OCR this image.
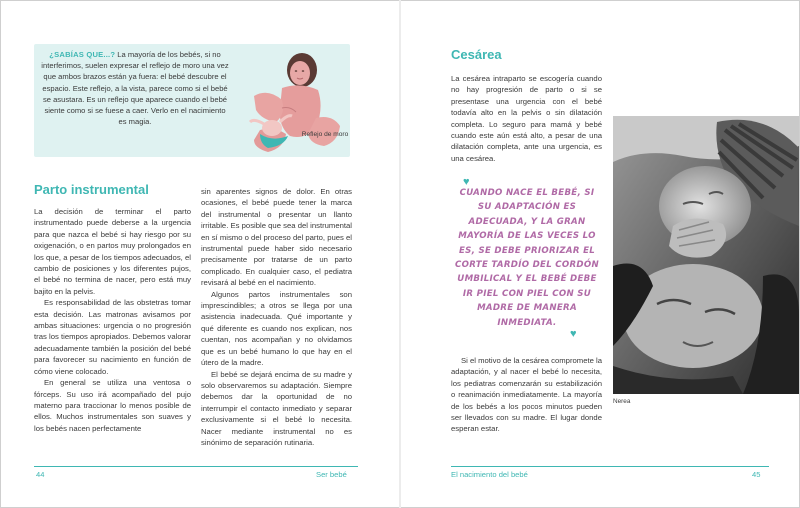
¿SABÍAS QUE...? La mayoría de los bebés, si no interferimos, suelen expresar el reflejo de moro una vez que ambos brazos están ya fuera: el bebé descubre el espacio. Este reflejo, a la vista, parece como si el bebé se asustara. Es un reflejo que aparece cuando el bebé siente como si se fuese a caer. Verlo en el nacimiento es magia.
Reflejo de moro
Parto instrumental

La decisión de terminar el parto instrumentado puede deberse a la urgencia para que nazca el bebé si hay riesgo por su oxigenación, o en partos muy prolongados en los que, a pesar de los tiempos adecuados, el cambio de posiciones y los diferentes pujos, el bebé no termina de nacer, pero está muy bajito en la pelvis.

Es responsabilidad de las obstetras tomar esta decisión. Las matronas avisamos por ambas situaciones: urgencia o no progresión tras los tiempos apropiados. Debemos valorar adecuadamente también la posición del bebé para favorecer su nacimiento en función de cómo viene colocado.

En general se utiliza una ventosa o fórceps. Su uso irá acompañado del pujo materno para traccionar lo menos posible de ellos. Muchos instrumentales son suaves y los bebés nacen perfectamente

sin aparentes signos de dolor. En otras ocasiones, el bebé puede tener la marca del instrumental o presentar un llanto irritable. Es posible que sea del instrumental en sí mismo o del proceso del parto, pues el instrumental puede haber sido necesario precisamente por tratarse de un parto complicado. En cualquier caso, el pediatra revisará al bebé en el nacimiento.

Algunos partos instrumentales son imprescindibles; a otros se llega por una asistencia inadecuada. Qué importante y qué diferente es cuando nos explican, nos cuentan, nos acompañan y no olvidamos que es un bebé humano lo que hay en el útero de la madre.

El bebé se dejará encima de su madre y solo observaremos su adaptación. Siempre debemos dar la oportunidad de no interrumpir el contacto inmediato y separar exclusivamente si el bebé lo necesita. Nacer mediante instrumental no es sinónimo de separación rutinaria.

Cesárea

La cesárea intraparto se escogería cuando no hay progresión de parto o si se presentase una urgencia con el bebé todavía alto en la pelvis o sin dilatación completa. Lo seguro para mamá y bebé cuando este aún está alto, a pesar de una dilatación completa, ante una urgencia, es una cesárea.

♥
CUANDO NACE EL BEBÉ, SI SU ADAPTACIÓN ES ADECUADA, Y LA GRAN MAYORÍA DE LAS VECES LO ES, SE DEBE PRIORIZAR EL CORTE TARDÍO DEL CORDÓN UMBILICAL Y EL BEBÉ DEBE IR PIEL CON PIEL CON SU MADRE DE MANERA INMEDIATA.
♥

Si el motivo de la cesárea compromete la adaptación, y al nacer el bebé lo necesita, los pediatras comenzarán su estabilización o reanimación inmediatamente. La mayoría de los bebés a los pocos minutos pueden ser llevados con su madre. El lugar donde esperan estar.

Nerea
44	Ser bebé	El nacimiento del bebé	45
